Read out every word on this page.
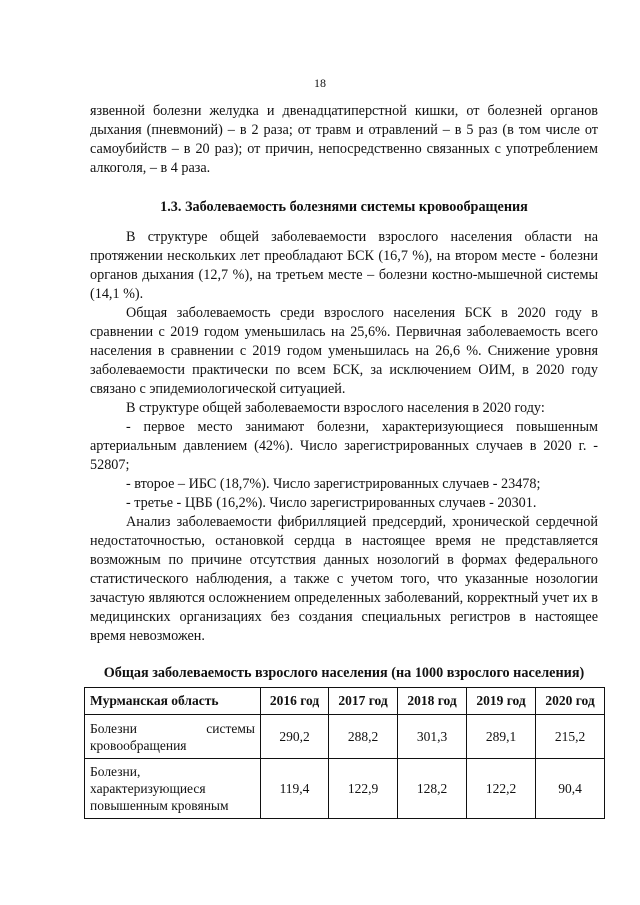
18

язвенной болезни желудка и двенадцатиперстной кишки, от болезней органов дыхания (пневмоний) – в 2 раза; от травм и отравлений – в 5 раз (в том числе от самоубийств – в 20 раз); от причин, непосредственно связанных с употреблением алкоголя, – в 4 раза.

1.3. Заболеваемость болезнями системы кровообращения

В структуре общей заболеваемости взрослого населения области на протяжении нескольких лет преобладают БСК (16,7 %), на втором месте - болезни органов дыхания (12,7 %), на третьем месте – болезни костно-мышечной системы (14,1 %).

Общая заболеваемость среди взрослого населения БСК в 2020 году в сравнении с 2019 годом уменьшилась на 25,6%. Первичная заболеваемость всего населения в сравнении с 2019 годом уменьшилась на 26,6 %. Снижение уровня заболеваемости практически по всем БСК, за исключением ОИМ, в 2020 году связано с эпидемиологической ситуацией.

В структуре общей заболеваемости взрослого населения в 2020 году:

- первое место занимают болезни, характеризующиеся повышенным артериальным давлением (42%). Число зарегистрированных случаев в 2020 г. - 52807;

- второе – ИБС (18,7%). Число зарегистрированных случаев - 23478;

- третье - ЦВБ (16,2%). Число зарегистрированных случаев - 20301.

Анализ заболеваемости фибрилляцией предсердий, хронической сердечной недостаточностью, остановкой сердца в настоящее время не представляется возможным по причине отсутствия данных нозологий в формах федерального статистического наблюдения, а также с учетом того, что указанные нозологии зачастую являются осложнением определенных заболеваний, корректный учет их в медицинских организациях без создания специальных регистров в настоящее время невозможен.

Общая заболеваемость взрослого населения (на 1000 взрослого населения)

Мурманская область	2016 год	2017 год	2018 год	2019 год	2020 год
Болезни системы кровообращения	290,2	288,2	301,3	289,1	215,2
Болезни, характеризующиеся повышенным кровяным	119,4	122,9	128,2	122,2	90,4
